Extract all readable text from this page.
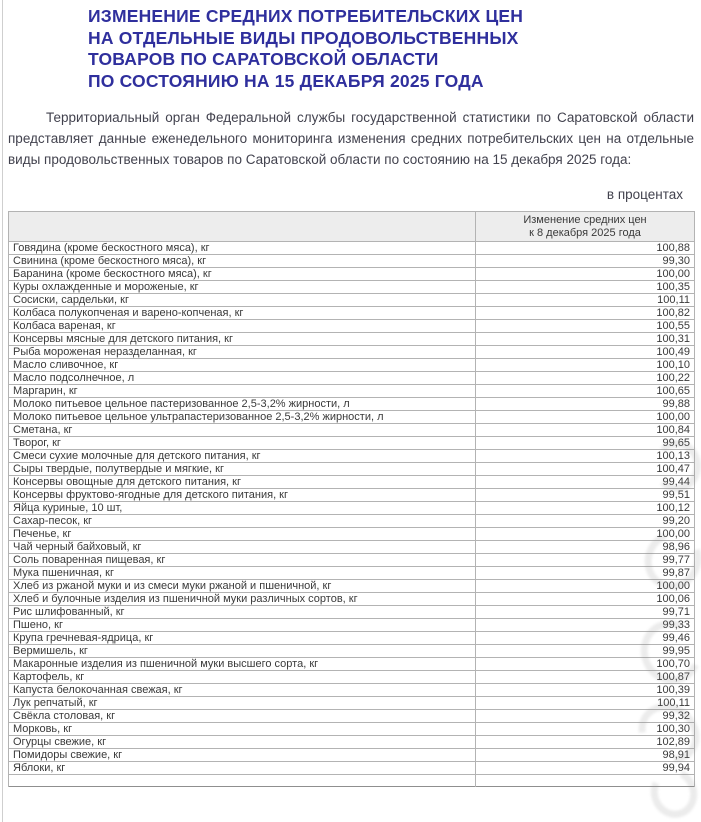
ИЗМЕНЕНИЕ СРЕДНИХ ПОТРЕБИТЕЛЬСКИХ ЦЕН
НА ОТДЕЛЬНЫЕ ВИДЫ ПРОДОВОЛЬСТВЕННЫХ
ТОВАРОВ ПО САРАТОВСКОЙ ОБЛАСТИ
ПО СОСТОЯНИЮ НА 15 ДЕКАБРЯ 2025 ГОДА

Территориальный орган Федеральной службы государственной статистики по Саратовской области представляет данные еженедельного мониторинга изменения средних потребительских цен на отдельные виды продовольственных товаров по Саратовской области по состоянию на 15 декабря 2025 года:

в процентах

	Изменение средних цен
к 8 декабря 2025 года

Говядина (кроме бескостного мяса), кг	100,88
Свинина (кроме бескостного мяса), кг	99,30
Баранина (кроме бескостного мяса), кг	100,00
Куры охлажденные и мороженые, кг	100,35
Сосиски, сардельки, кг	100,11
Колбаса полукопченая и варено-копченая, кг	100,82
Колбаса вареная, кг	100,55
Консервы мясные для детского питания, кг	100,31
Рыба мороженая неразделанная, кг	100,49
Масло сливочное, кг	100,10
Масло подсолнечное, л	100,22
Маргарин, кг	100,65
Молоко питьевое цельное пастеризованное 2,5-3,2% жирности, л	99,88
Молоко питьевое цельное ультрапастеризованное 2,5-3,2% жирности, л	100,00
Сметана, кг	100,84
Творог, кг	99,65
Смеси сухие молочные для детского питания, кг	100,13
Сыры твердые, полутвердые и мягкие, кг	100,47
Консервы овощные для детского питания, кг	99,44
Консервы фруктово-ягодные для детского питания, кг	99,51
Яйца куриные, 10 шт,	100,12
Сахар-песок, кг	99,20
Печенье, кг	100,00
Чай черный байховый, кг	98,96
Соль поваренная пищевая, кг	99,77
Мука пшеничная, кг	99,87
Хлеб из ржаной муки и из смеси муки ржаной и пшеничной, кг	100,00
Хлеб и булочные изделия из пшеничной муки различных сортов, кг	100,06
Рис шлифованный, кг	99,71
Пшено, кг	99,33
Крупа гречневая-ядрица, кг	99,46
Вермишель, кг	99,95
Макаронные изделия из пшеничной муки высшего сорта, кг	100,70
Картофель, кг	100,87
Капуста белокочанная свежая, кг	100,39
Лук репчатый, кг	100,11
Свёкла столовая, кг	99,32
Морковь, кг	100,30
Огурцы свежие, кг	102,89
Помидоры свежие, кг	98,91
Яблоки, кг	99,94
